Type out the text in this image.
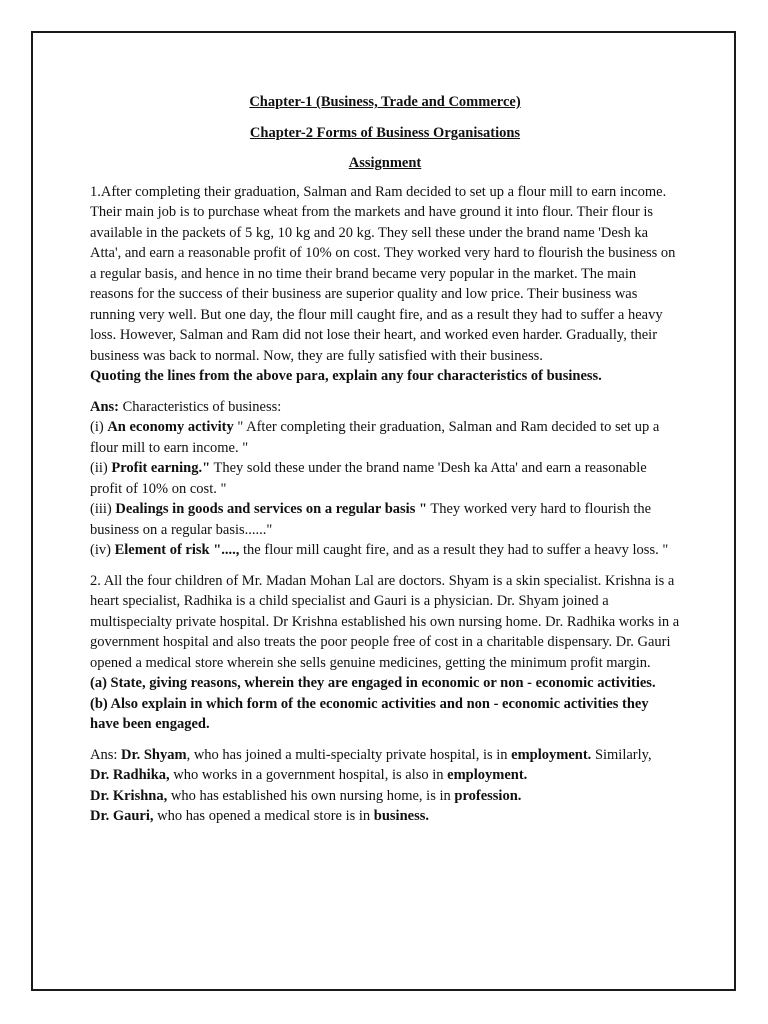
Chapter-1 (Business, Trade and Commerce)

Chapter-2 Forms of Business Organisations

Assignment

1.After completing their graduation, Salman and Ram decided to set up a flour mill to earn income. Their main job is to purchase wheat from the markets and have ground it into flour. Their flour is available in the packets of 5 kg, 10 kg and 20 kg. They sell these under the brand name 'Desh ka Atta', and earn a reasonable profit of 10% on cost. They worked very hard to flourish the business on a regular basis, and hence in no time their brand became very popular in the market. The main reasons for the success of their business are superior quality and low price. Their business was running very well. But one day, the flour mill caught fire, and as a result they had to suffer a heavy loss. However, Salman and Ram did not lose their heart, and worked even harder. Gradually, their business was back to normal. Now, they are fully satisfied with their business.

Quoting the lines from the above para, explain any four characteristics of business.

Ans: Characteristics of business:

(i) An economy activity " After completing their graduation, Salman and Ram decided to set up a flour mill to earn income. "

(ii) Profit earning." They sold these under the brand name 'Desh ka Atta' and earn a reasonable profit of 10% on cost. "

(iii) Dealings in goods and services on a regular basis " They worked very hard to flourish the business on a regular basis......"

(iv) Element of risk "...., the flour mill caught fire, and as a result they had to suffer a heavy loss. "

2. All the four children of Mr. Madan Mohan Lal are doctors. Shyam is a skin specialist. Krishna is a heart specialist, Radhika is a child specialist and Gauri is a physician. Dr. Shyam joined a multispecialty private hospital. Dr Krishna established his own nursing home. Dr. Radhika works in a government hospital and also treats the poor people free of cost in a charitable dispensary. Dr. Gauri opened a medical store wherein she sells genuine medicines, getting the minimum profit margin.

(a) State, giving reasons, wherein they are engaged in economic or non - economic activities.

(b) Also explain in which form of the economic activities and non - economic activities they have been engaged.

Ans: Dr. Shyam, who has joined a multi-specialty private hospital, is in employment. Similarly,

Dr. Radhika, who works in a government hospital, is also in employment.

Dr. Krishna, who has established his own nursing home, is in profession.

Dr. Gauri, who has opened a medical store is in business.
